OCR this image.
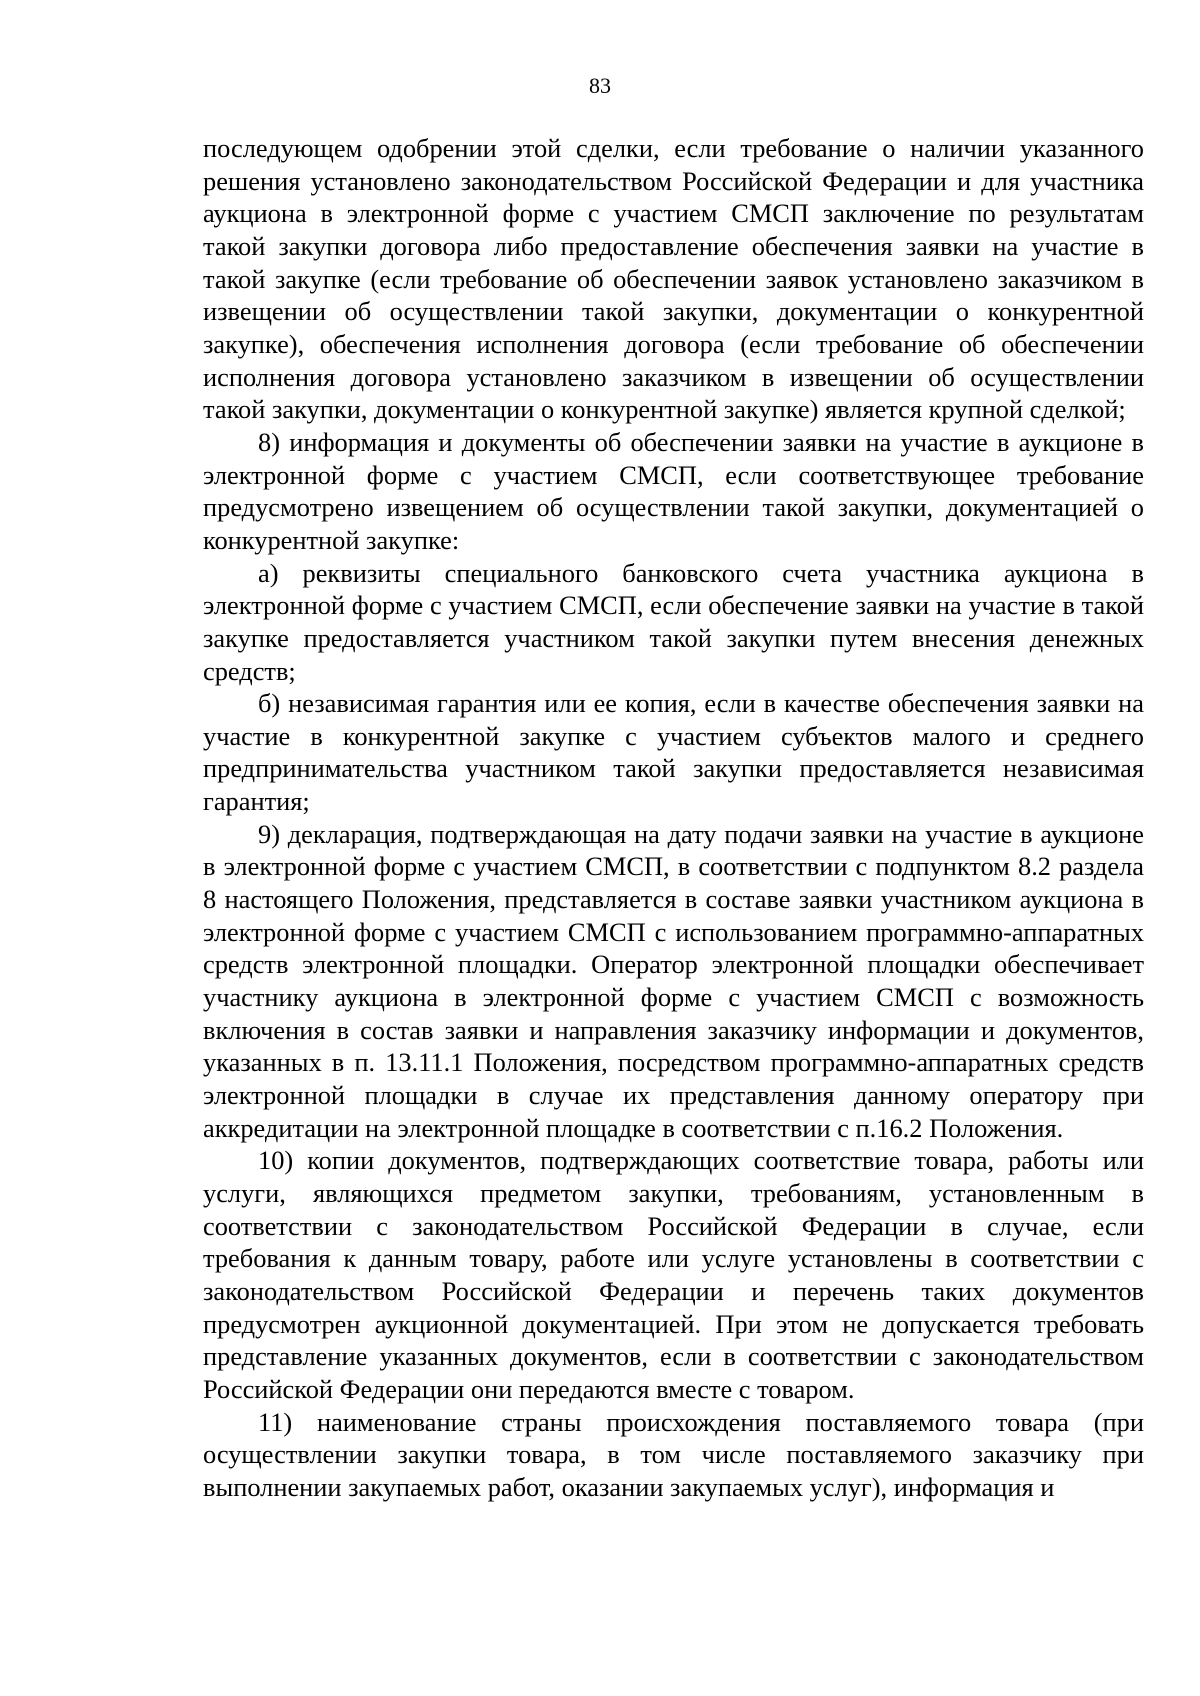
83

последующем одобрении этой сделки, если требование о наличии указанного решения установлено законодательством Российской Федерации и для участника аукциона в электронной форме с участием СМСП заключение по результатам такой закупки договора либо предоставление обеспечения заявки на участие в такой закупке (если требование об обеспечении заявок установлено заказчиком в извещении об осуществлении такой закупки, документации о конкурентной закупке), обеспечения исполнения договора (если требование об обеспечении исполнения договора установлено заказчиком в извещении об осуществлении такой закупки, документации о конкурентной закупке) является крупной сделкой;

8) информация и документы об обеспечении заявки на участие в аукционе в электронной форме с участием СМСП, если соответствующее требование предусмотрено извещением об осуществлении такой закупки, документацией о конкурентной закупке:

а) реквизиты специального банковского счета участника аукциона в электронной форме с участием СМСП, если обеспечение заявки на участие в такой закупке предоставляется участником такой закупки путем внесения денежных средств;

б) независимая гарантия или ее копия, если в качестве обеспечения заявки на участие в конкурентной закупке с участием субъектов малого и среднего предпринимательства участником такой закупки предоставляется независимая гарантия;

9) декларация, подтверждающая на дату подачи заявки на участие в аукционе в электронной форме с участием СМСП, в соответствии с подпунктом 8.2 раздела 8 настоящего Положения, представляется в составе заявки участником аукциона в электронной форме с участием СМСП с использованием программно-аппаратных средств электронной площадки. Оператор электронной площадки обеспечивает участнику аукциона в электронной форме с участием СМСП с возможность включения в состав заявки и направления заказчику информации и документов, указанных в п. 13.11.1 Положения, посредством программно-аппаратных средств электронной площадки в случае их представления данному оператору при аккредитации на электронной площадке в соответствии с п.16.2 Положения.

10) копии документов, подтверждающих соответствие товара, работы или услуги, являющихся предметом закупки, требованиям, установленным в соответствии с законодательством Российской Федерации в случае, если требования к данным товару, работе или услуге установлены в соответствии с законодательством Российской Федерации и перечень таких документов предусмотрен аукционной документацией. При этом не допускается требовать представление указанных документов, если в соответствии с законодательством Российской Федерации они передаются вместе с товаром.

11) наименование страны происхождения поставляемого товара (при осуществлении закупки товара, в том числе поставляемого заказчику при выполнении закупаемых работ, оказании закупаемых услуг), информация и
